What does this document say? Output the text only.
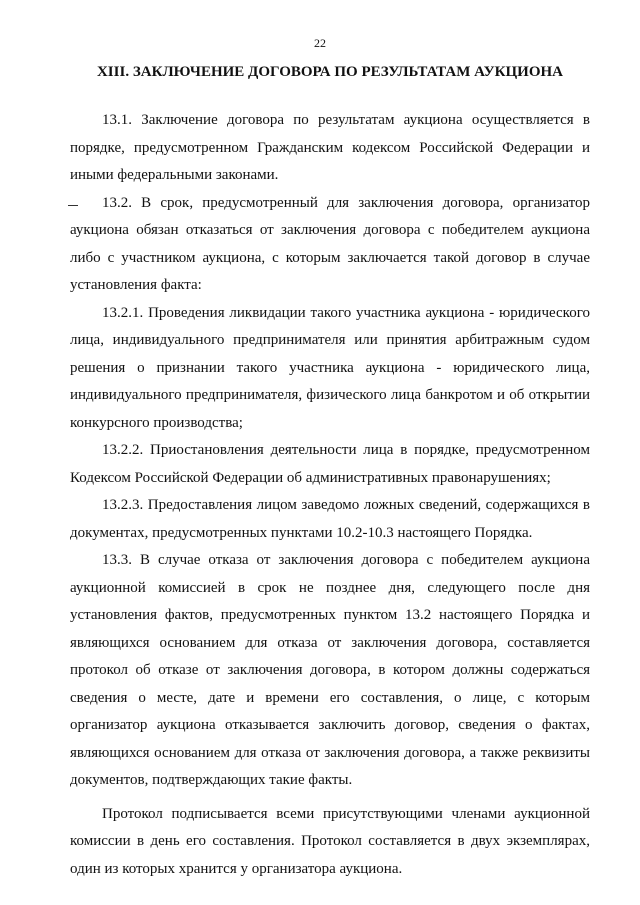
22
XIII. ЗАКЛЮЧЕНИЕ ДОГОВОРА ПО РЕЗУЛЬТАТАМ АУКЦИОНА

13.1. Заключение договора по результатам аукциона осуществляется в порядке, предусмотренном Гражданским кодексом Российской Федерации и иными федеральными законами.

13.2. В срок, предусмотренный для заключения договора, организатор аукциона обязан отказаться от заключения договора с победителем аукциона либо с участником аукциона, с которым заключается такой договор в случае установления факта:

13.2.1. Проведения ликвидации такого участника аукциона - юридического лица, индивидуального предпринимателя или принятия арбитражным судом решения о признании такого участника аукциона - юридического лица, индивидуального предпринимателя, физического лица банкротом и об открытии конкурсного производства;

13.2.2. Приостановления деятельности лица в порядке, предусмотренном Кодексом Российской Федерации об административных правонарушениях;

13.2.3. Предоставления лицом заведомо ложных сведений, содержащихся в документах, предусмотренных пунктами 10.2-10.3 настоящего Порядка.

13.3. В случае отказа от заключения договора с победителем аукциона аукционной комиссией в срок не позднее дня, следующего после дня установления фактов, предусмотренных пунктом 13.2 настоящего Порядка и являющихся основанием для отказа от заключения договора, составляется протокол об отказе от заключения договора, в котором должны содержаться сведения о месте, дате и времени его составления, о лице, с которым организатор аукциона отказывается заключить договор, сведения о фактах, являющихся основанием для отказа от заключения договора, а также реквизиты документов, подтверждающих такие факты.

Протокол подписывается всеми присутствующими членами аукционной комиссии в день его составления. Протокол составляется в двух экземплярах, один из которых хранится у организатора аукциона.
